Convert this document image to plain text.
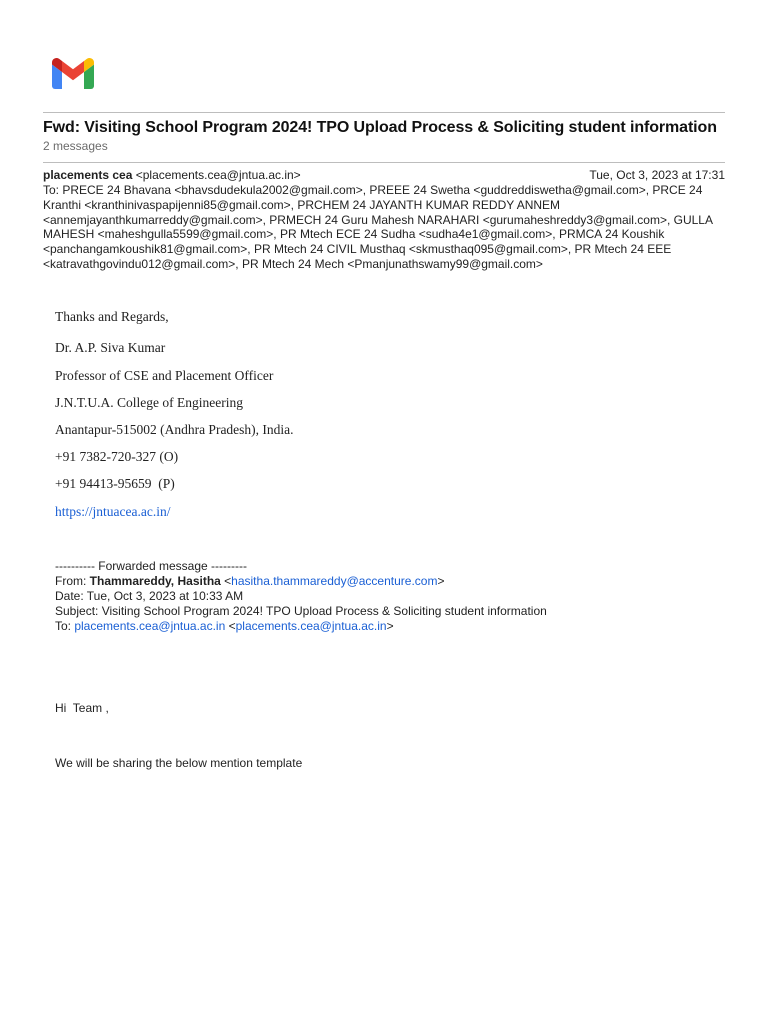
Fwd: Visiting School Program 2024! TPO Upload Process & Soliciting student information
2 messages
placements cea <placements.cea@jntua.ac.in>	Tue, Oct 3, 2023 at 17:31
To: PRECE 24 Bhavana <bhavsdudekula2002@gmail.com>, PREEE 24 Swetha <guddreddiswetha@gmail.com>, PRCE 24
Kranthi <kranthinivaspapijenni85@gmail.com>, PRCHEM 24 JAYANTH KUMAR REDDY ANNEM
<annemjayanthkumarreddy@gmail.com>, PRMECH 24 Guru Mahesh NARAHARI <gurumaheshreddy3@gmail.com>, GULLA
MAHESH <maheshgulla5599@gmail.com>, PR Mtech ECE 24 Sudha <sudha4e1@gmail.com>, PRMCA 24 Koushik
<panchangamkoushik81@gmail.com>, PR Mtech 24 CIVIL Musthaq <skmusthaq095@gmail.com>, PR Mtech 24 EEE
<katravathgovindu012@gmail.com>, PR Mtech 24 Mech <Pmanjunathswamy99@gmail.com>
Thanks and Regards,
Dr. A.P. Siva Kumar
Professor of CSE and Placement Officer
J.N.T.U.A. College of Engineering
Anantapur-515002 (Andhra Pradesh), India.
+91 7382-720-327 (O)
+91 94413-95659  (P)
https://jntuacea.ac.in/
---------- Forwarded message ---------
From: Thammareddy, Hasitha <hasitha.thammareddy@accenture.com>
Date: Tue, Oct 3, 2023 at 10:33 AM
Subject: Visiting School Program 2024! TPO Upload Process & Soliciting student information
To: placements.cea@jntua.ac.in <placements.cea@jntua.ac.in>
Hi  Team ,
We will be sharing the below mention template
